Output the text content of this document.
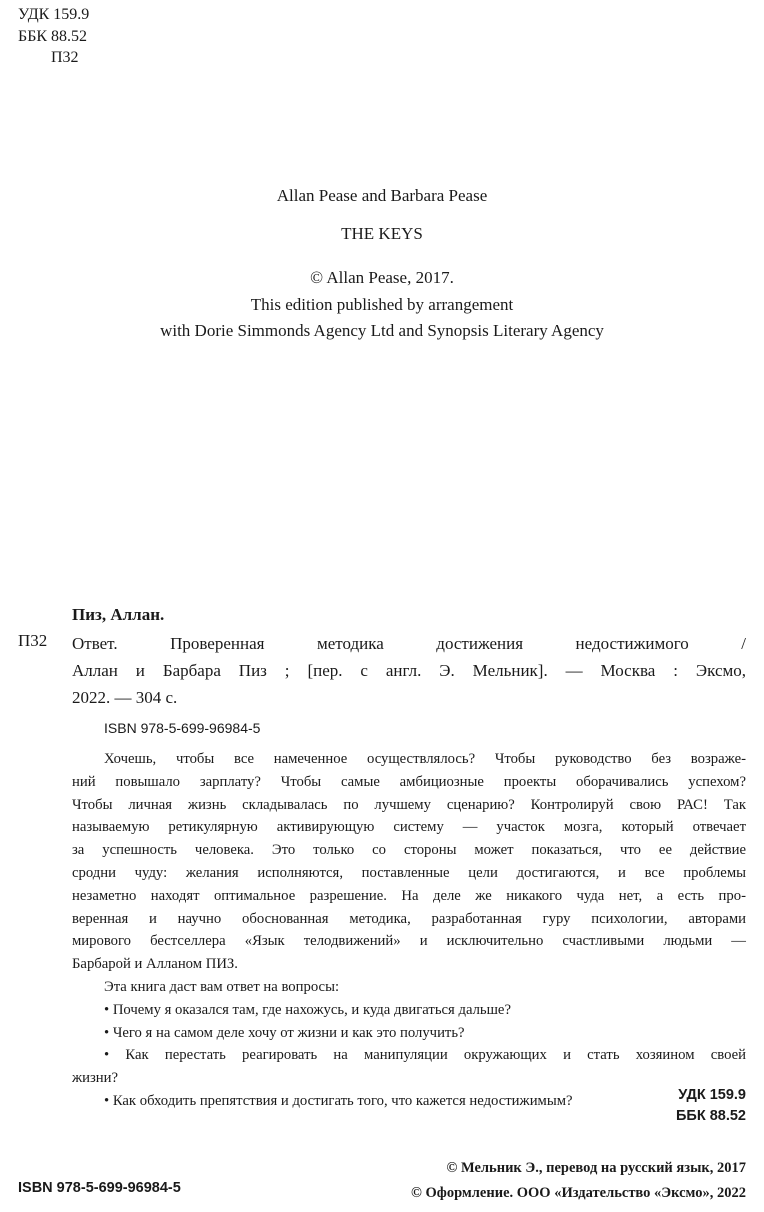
УДК 159.9
ББК 88.52
П32
Allan Pease and Barbara Pease
THE KEYS
© Allan Pease, 2017.
This edition published by arrangement
with Dorie Simmonds Agency Ltd and Synopsis Literary Agency
Пиз, Аллан.
П32 Ответ. Проверенная методика достижения недостижимого /
Аллан и Барбара Пиз ; [пер. с англ. Э. Мельник]. — Москва : Эксмо,
2022. — 304 с.
ISBN 978-5-699-96984-5
Хочешь, чтобы все намеченное осуществлялось? Чтобы руководство без возраже-
ний повышало зарплату? Чтобы самые амбициозные проекты оборачивались успехом?
Чтобы личная жизнь складывалась по лучшему сценарию? Контролируй свою РАС! Так
называемую ретикулярную активирующую систему — участок мозга, который отвечает
за успешность человека. Это только со стороны может показаться, что ее действие
сродни чуду: желания исполняются, поставленные цели достигаются, и все проблемы
незаметно находят оптимальное разрешение. На деле же никакого чуда нет, а есть про-
веренная и научно обоснованная методика, разработанная гуру психологии, авторами
мирового бестселлера «Язык телодвижений» и исключительно счастливыми людьми —
Барбарой и Алланом ПИЗ.
Эта книга даст вам ответ на вопросы:
• Почему я оказался там, где нахожусь, и куда двигаться дальше?
• Чего я на самом деле хочу от жизни и как это получить?
• Как перестать реагировать на манипуляции окружающих и стать хозяином своей
жизни?
• Как обходить препятствия и достигать того, что кажется недостижимым?	УДК 159.9
ББК 88.52
ISBN 978-5-699-96984-5
© Мельник Э., перевод на русский язык, 2017
© Оформление. ООО «Издательство «Эксмо», 2022
